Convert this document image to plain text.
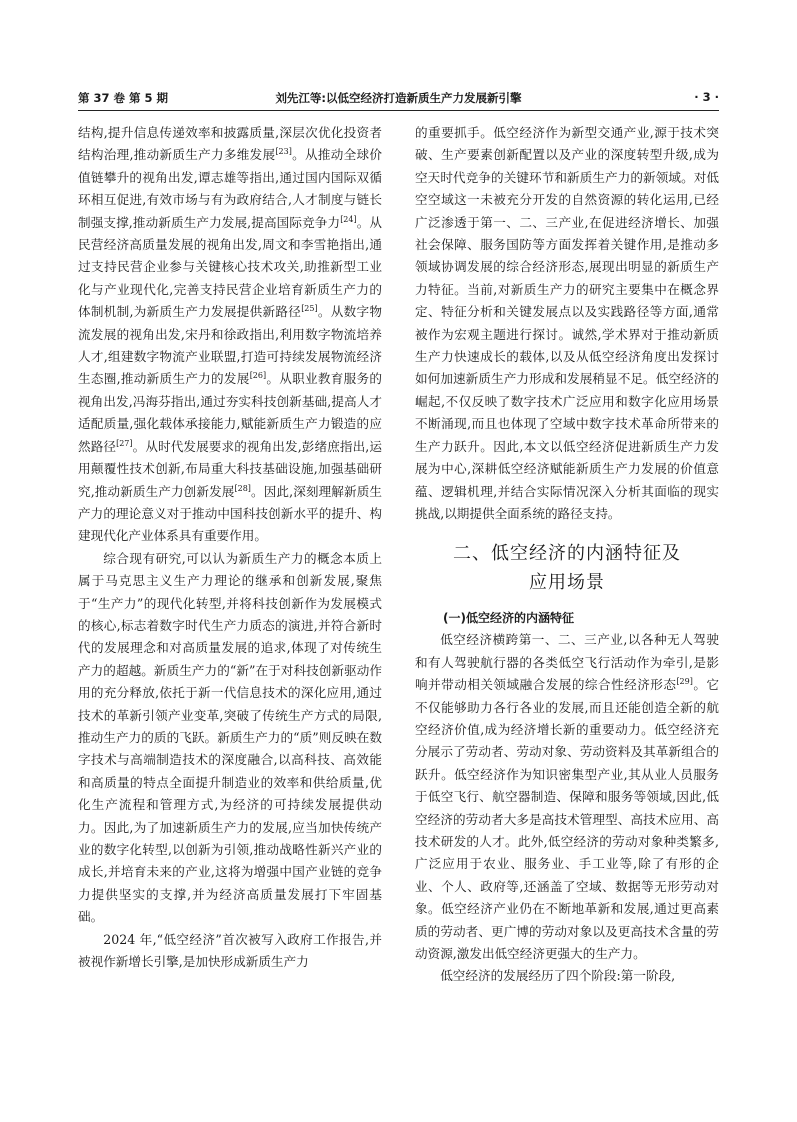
第 37 卷 第 5 期	刘先江等:以低空经济打造新质生产力发展新引擎	· 3 ·

结构,提升信息传递效率和披露质量,深层次优化投资者结构治理,推动新质生产力多维发展[23]。从推动全球价值链攀升的视角出发,谭志雄等指出,通过国内国际双循环相互促进,有效市场与有为政府结合,人才制度与链长制强支撑,推动新质生产力发展,提高国际竞争力[24]。从民营经济高质量发展的视角出发,周文和李雪艳指出,通过支持民营企业参与关键核心技术攻关,助推新型工业化与产业现代化,完善支持民营企业培育新质生产力的体制机制,为新质生产力发展提供新路径[25]。从数字物流发展的视角出发,宋丹和徐政指出,利用数字物流培养人才,组建数字物流产业联盟,打造可持续发展物流经济生态圈,推动新质生产力的发展[26]。从职业教育服务的视角出发,冯海芬指出,通过夯实科技创新基础,提高人才适配质量,强化载体承接能力,赋能新质生产力锻造的应然路径[27]。从时代发展要求的视角出发,彭绪庶指出,运用颠覆性技术创新,布局重大科技基础设施,加强基础研究,推动新质生产力创新发展[28]。因此,深刻理解新质生产力的理论意义对于推动中国科技创新水平的提升、构建现代化产业体系具有重要作用。

综合现有研究,可以认为新质生产力的概念本质上属于马克思主义生产力理论的继承和创新发展,聚焦于“生产力”的现代化转型,并将科技创新作为发展模式的核心,标志着数字时代生产力质态的演进,并符合新时代的发展理念和对高质量发展的追求,体现了对传统生产力的超越。新质生产力的“新”在于对科技创新驱动作用的充分释放,依托于新一代信息技术的深化应用,通过技术的革新引领产业变革,突破了传统生产方式的局限,推动生产力的质的飞跃。新质生产力的“质”则反映在数字技术与高端制造技术的深度融合,以高科技、高效能和高质量的特点全面提升制造业的效率和供给质量,优化生产流程和管理方式,为经济的可持续发展提供动力。因此,为了加速新质生产力的发展,应当加快传统产业的数字化转型,以创新为引领,推动战略性新兴产业的成长,并培育未来的产业,这将为增强中国产业链的竞争力提供坚实的支撑,并为经济高质量发展打下牢固基础。

2024 年,“低空经济”首次被写入政府工作报告,并被视作新增长引擎,是加快形成新质生产力

的重要抓手。低空经济作为新型交通产业,源于技术突破、生产要素创新配置以及产业的深度转型升级,成为空天时代竞争的关键环节和新质生产力的新领域。对低空空域这一未被充分开发的自然资源的转化运用,已经广泛渗透于第一、二、三产业,在促进经济增长、加强社会保障、服务国防等方面发挥着关键作用,是推动多领域协调发展的综合经济形态,展现出明显的新质生产力特征。当前,对新质生产力的研究主要集中在概念界定、特征分析和关键发展点以及实践路径等方面,通常被作为宏观主题进行探讨。诚然,学术界对于推动新质生产力快速成长的载体,以及从低空经济角度出发探讨如何加速新质生产力形成和发展稍显不足。低空经济的崛起,不仅反映了数字技术广泛应用和数字化应用场景不断涌现,而且也体现了空域中数字技术革命所带来的生产力跃升。因此,本文以低空经济促进新质生产力发展为中心,深耕低空经济赋能新质生产力发展的价值意蕴、逻辑机理,并结合实际情况深入分析其面临的现实挑战,以期提供全面系统的路径支持。

二、低空经济的内涵特征及
应用场景
(一)低空经济的内涵特征

低空经济横跨第一、二、三产业,以各种无人驾驶和有人驾驶航行器的各类低空飞行活动作为牵引,是影响并带动相关领域融合发展的综合性经济形态[29]。它不仅能够助力各行各业的发展,而且还能创造全新的航空经济价值,成为经济增长新的重要动力。低空经济充分展示了劳动者、劳动对象、劳动资料及其革新组合的跃升。低空经济作为知识密集型产业,其从业人员服务于低空飞行、航空器制造、保障和服务等领域,因此,低空经济的劳动者大多是高技术管理型、高技术应用、高技术研发的人才。此外,低空经济的劳动对象种类繁多,广泛应用于农业、服务业、手工业等,除了有形的企业、个人、政府等,还涵盖了空域、数据等无形劳动对象。低空经济产业仍在不断地革新和发展,通过更高素质的劳动者、更广博的劳动对象以及更高技术含量的劳动资源,激发出低空经济更强大的生产力。

低空经济的发展经历了四个阶段:第一阶段,
